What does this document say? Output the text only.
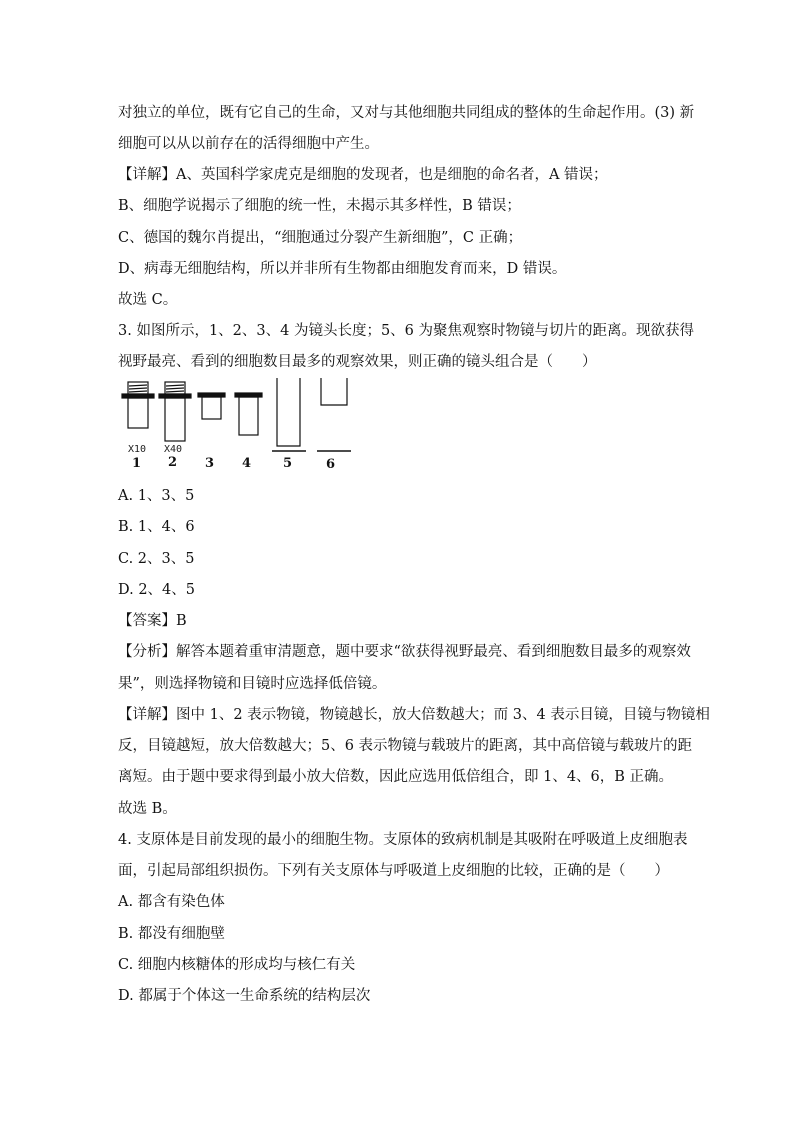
对独立的单位，既有它自己的生命，又对与其他细胞共同组成的整体的生命起作用。(3) 新
细胞可以从以前存在的活得细胞中产生。
【详解】A、英国科学家虎克是细胞的发现者，也是细胞的命名者，A 错误；
B、细胞学说揭示了细胞的统一性，未揭示其多样性，B 错误；
C、德国的魏尔肖提出，“细胞通过分裂产生新细胞”，C 正确；
D、病毒无细胞结构，所以并非所有生物都由细胞发育而来，D 错误。
故选 C。
3. 如图所示，1、2、3、4 为镜头长度；5、6 为聚焦观察时物镜与切片的距离。现欲获得
视野最亮、看到的细胞数目最多的观察效果，则正确的镜头组合是（　　）
X10 X40
1 2 3 4 5	6
A. 1、3、5
B. 1、4、6
C. 2、3、5
D. 2、4、5
【答案】B
【分析】解答本题着重审清题意，题中要求“欲获得视野最亮、看到细胞数目最多的观察效
果”，则选择物镜和目镜时应选择低倍镜。
【详解】图中 1、2 表示物镜，物镜越长，放大倍数越大；而 3、4 表示目镜，目镜与物镜相
反，目镜越短，放大倍数越大；5、6 表示物镜与载玻片的距离，其中高倍镜与载玻片的距
离短。由于题中要求得到最小放大倍数，因此应选用低倍组合，即 1、4、6，B 正确。
故选 B。
4. 支原体是目前发现的最小的细胞生物。支原体的致病机制是其吸附在呼吸道上皮细胞表
面，引起局部组织损伤。下列有关支原体与呼吸道上皮细胞的比较，正确的是（　　）
A. 都含有染色体
B. 都没有细胞壁
C. 细胞内核糖体的形成均与核仁有关
D. 都属于个体这一生命系统的结构层次
